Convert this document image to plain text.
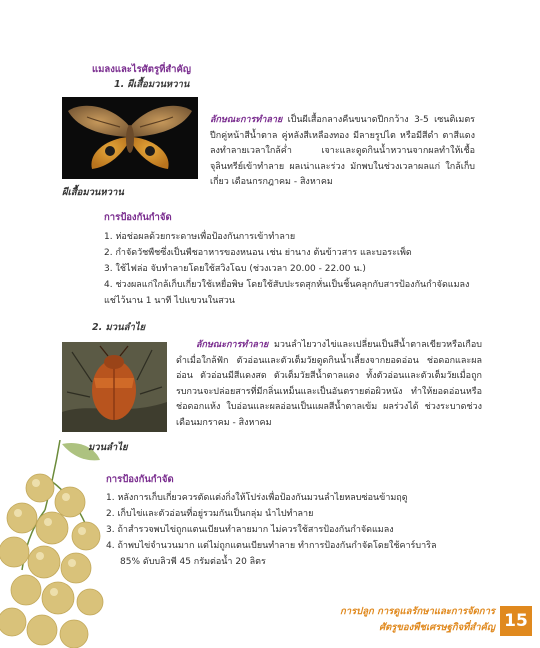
แมลงและไรศัตรูที่สำคัญ
1. ผีเสื้อมวนหวาน
ผีเสื้อมวนหวาน
ลักษณะการทำลาย เป็นผีเสื้อกลางคืนขนาดปีกกว้าง 3-5 เซนติเมตร ปีกคู่หน้าสีน้ำตาล คู่หลังสีเหลืองทอง มีลายรูปไต หรือมีสีดำ ตาสีแดง ลงทำลายเวลาใกล้ค่ำ เจาะและดูดกินน้ำหวานจากผลทำให้เชื้อจุลินทรีย์เข้าทำลาย ผลเน่าและร่วง มักพบในช่วงเวลาผลแก่ ใกล้เก็บเกี่ยว เดือนกรกฎาคม - สิงหาคม
การป้องกันกำจัด
1. ห่อช่อผลด้วยกระดาษเพื่อป้องกันการเข้าทำลาย
2. กำจัดวัชพืชซึ่งเป็นพืชอาหารของหนอน เช่น ย่านาง ต้นข้าวสาร และบอระเพ็ด
3. ใช้ไฟล่อ จับทำลายโดยใช้สวิงโฉบ (ช่วงเวลา 20.00 - 22.00 น.)
4. ช่วงผลแก่ใกล้เก็บเกี่ยวใช้เหยื่อพิษ โดยใช้สับปะรดสุกหั่นเป็นชิ้นคลุกกับสารป้องกันกำจัดแมลง แช่ไว้นาน 1 นาที ไปแขวนในสวน
2. มวนลำไย
มวนลำไย
ลักษณะการทำลาย มวนลำไยวางไข่และเปลี่ยนเป็นสีน้ำตาลเขียวหรือเกือบดำเมื่อใกล้ฟัก ตัวอ่อนและตัวเต็มวัยดูดกินน้ำเลี้ยงจากยอดอ่อน ช่อดอกและผลอ่อน ตัวอ่อนมีสีแดงสด ตัวเต็มวัยสีน้ำตาลแดง ทั้งตัวอ่อนและตัวเต็มวัยเมื่อถูกรบกวนจะปล่อยสารที่มีกลิ่นเหม็นและเป็นอันตรายต่อผิวหนัง ทำให้ยอดอ่อนหรือช่อดอกแห้ง ใบอ่อนและผลอ่อนเป็นแผลสีน้ำตาลเข้ม ผลร่วงได้ ช่วงระบาดช่วงเดือนมกราคม - สิงหาคม
การป้องกันกำจัด
1. หลังการเก็บเกี่ยวควรตัดแต่งกิ่งให้โปร่งเพื่อป้องกันมวนลำไยหลบซ่อนข้ามฤดู
2. เก็บไข่และตัวอ่อนที่อยู่รวมกันเป็นกลุ่ม นำไปทำลาย
3. ถ้าสำรวจพบไข่ถูกแตนเบียนทำลายมาก ไม่ควรใช้สารป้องกันกำจัดแมลง
4. ถ้าพบไข่จำนวนมาก แต่ไม่ถูกแตนเบียนทำลาย ทำการป้องกันกำจัดโดยใช้คาร์บาริล
85% ดับบลิวพี 45 กรัมต่อน้ำ 20 ลิตร
การปลูก การดูแลรักษาและการจัดการ
ศัตรูของพืชเศรษฐกิจที่สำคัญ 15
